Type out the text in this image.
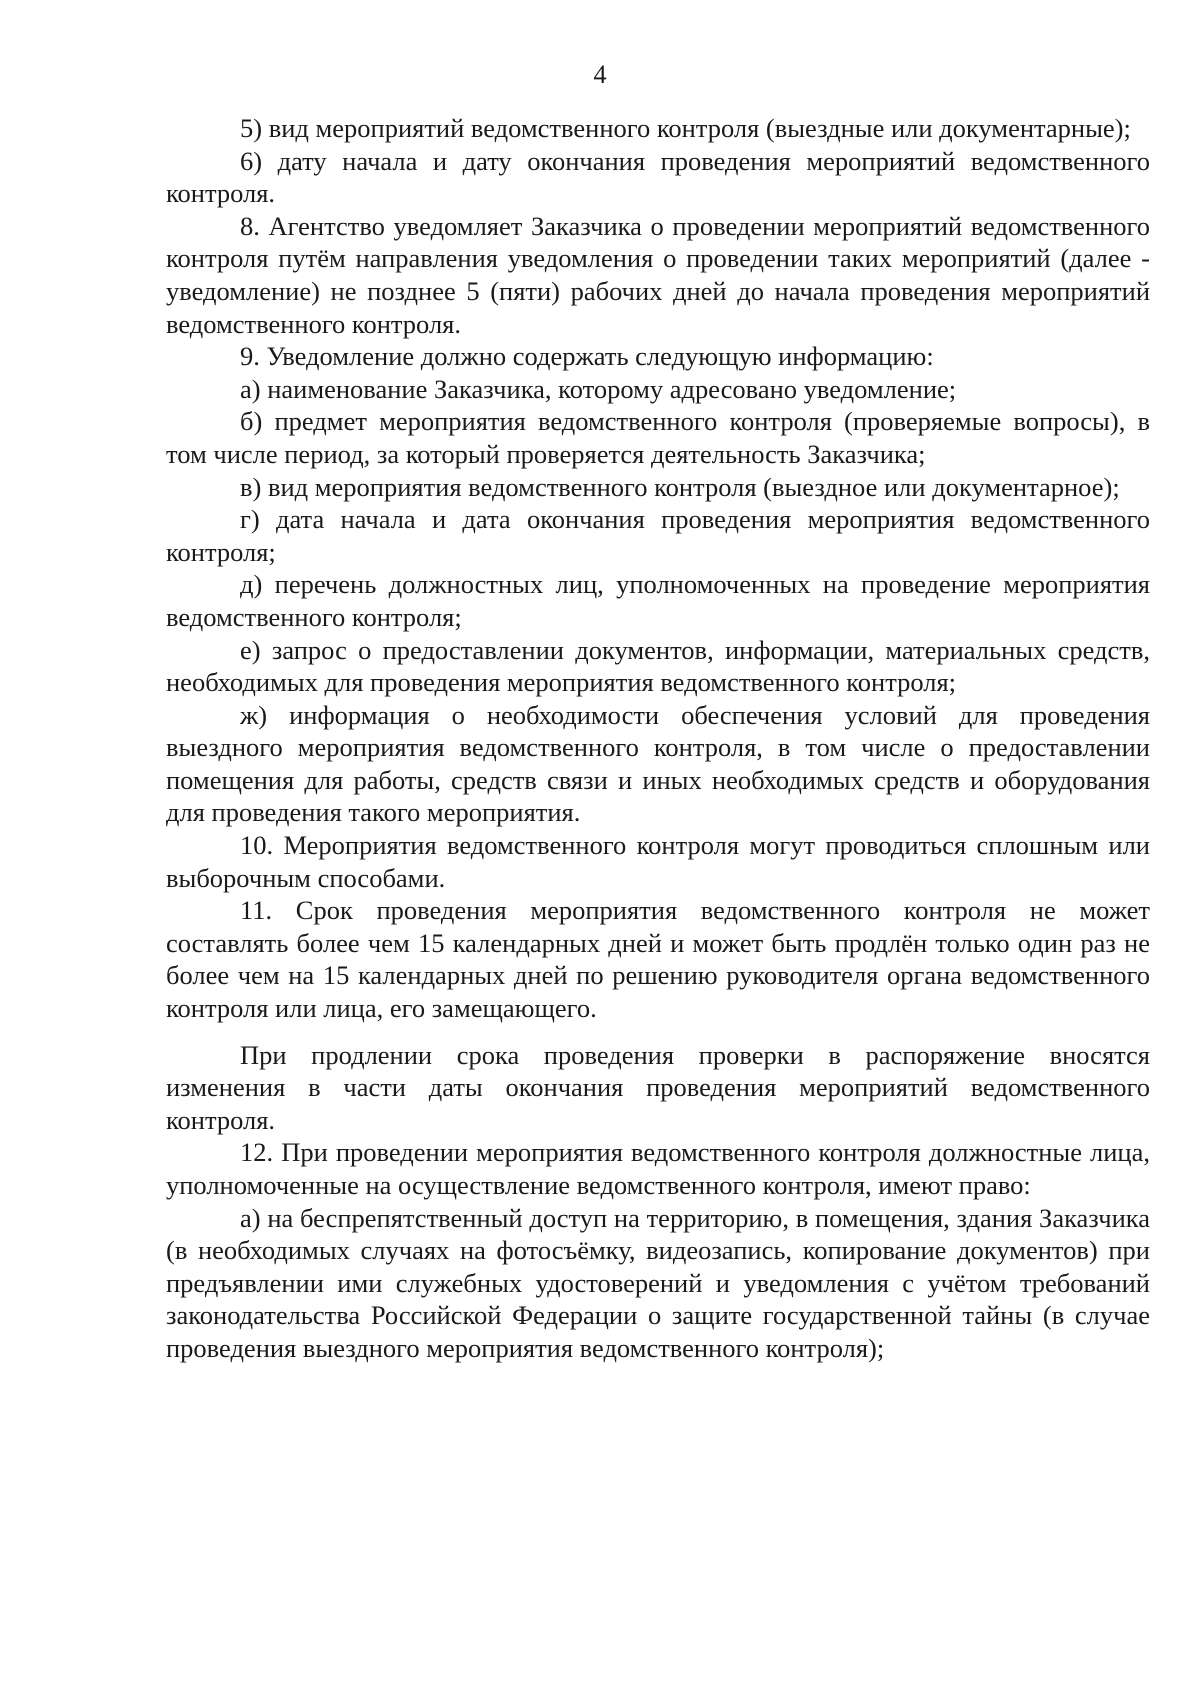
4

5) вид мероприятий ведомственного контроля (выездные или документарные);

6) дату начала и дату окончания проведения мероприятий ведомственного контроля.

8. Агентство уведомляет Заказчика о проведении мероприятий ведомственного контроля путём направления уведомления о проведении таких мероприятий (далее - уведомление) не позднее 5 (пяти) рабочих дней до начала проведения мероприятий ведомственного контроля.

9. Уведомление должно содержать следующую информацию:

а) наименование Заказчика, которому адресовано уведомление;

б) предмет мероприятия ведомственного контроля (проверяемые вопросы), в том числе период, за который проверяется деятельность Заказчика;

в) вид мероприятия ведомственного контроля (выездное или документарное);

г) дата начала и дата окончания проведения мероприятия ведомственного контроля;

д) перечень должностных лиц, уполномоченных на проведение мероприятия ведомственного контроля;

е) запрос о предоставлении документов, информации, материальных средств, необходимых для проведения мероприятия ведомственного контроля;

ж) информация о необходимости обеспечения условий для проведения выездного мероприятия ведомственного контроля, в том числе о предоставлении помещения для работы, средств связи и иных необходимых средств и оборудования для проведения такого мероприятия.

10. Мероприятия ведомственного контроля могут проводиться сплошным или выборочным способами.

11. Срок проведения мероприятия ведомственного контроля не может составлять более чем 15 календарных дней и может быть продлён только один раз не более чем на 15 календарных дней по решению руководителя органа ведомственного контроля или лица, его замещающего.

При продлении срока проведения проверки в распоряжение вносятся изменения в части даты окончания проведения мероприятий ведомственного контроля.

12. При проведении мероприятия ведомственного контроля должностные лица, уполномоченные на осуществление ведомственного контроля, имеют право:

а) на беспрепятственный доступ на территорию, в помещения, здания Заказчика (в необходимых случаях на фотосъёмку, видеозапись, копирование документов) при предъявлении ими служебных удостоверений и уведомления с учётом требований законодательства Российской Федерации о защите государственной тайны (в случае проведения выездного мероприятия ведомственного контроля);
